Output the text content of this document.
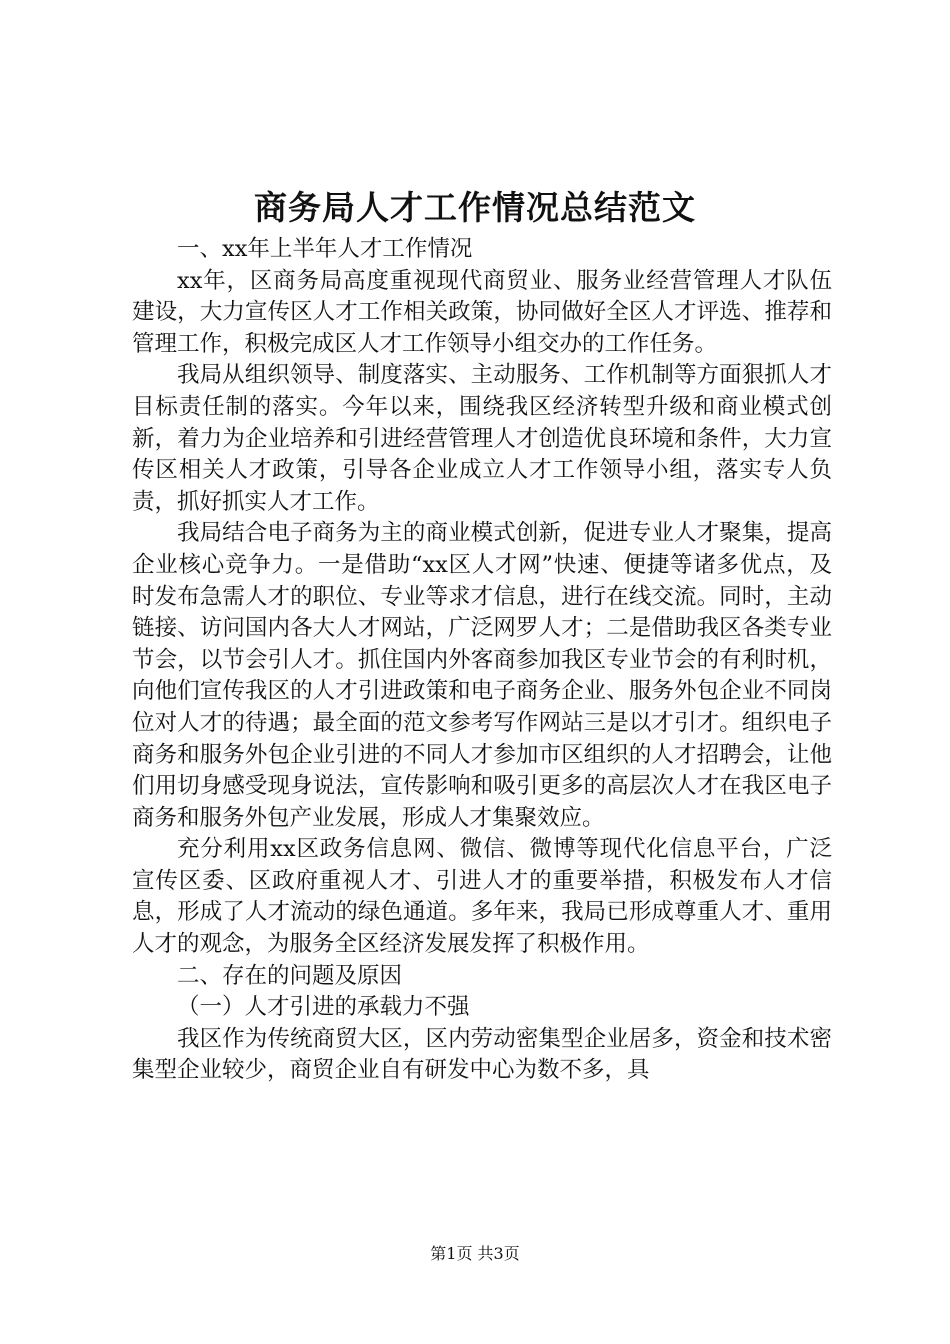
商务局人才工作情况总结范文

一、xx年上半年人才工作情况

xx年，区商务局高度重视现代商贸业、服务业经营管理人才队伍建设，大力宣传区人才工作相关政策，协同做好全区人才评选、推荐和管理工作，积极完成区人才工作领导小组交办的工作任务。

我局从组织领导、制度落实、主动服务、工作机制等方面狠抓人才目标责任制的落实。今年以来，围绕我区经济转型升级和商业模式创新，着力为企业培养和引进经营管理人才创造优良环境和条件，大力宣传区相关人才政策，引导各企业成立人才工作领导小组，落实专人负责，抓好抓实人才工作。

我局结合电子商务为主的商业模式创新，促进专业人才聚集，提高企业核心竞争力。一是借助“xx区人才网”快速、便捷等诸多优点，及时发布急需人才的职位、专业等求才信息，进行在线交流。同时，主动链接、访问国内各大人才网站，广泛网罗人才；二是借助我区各类专业节会，以节会引人才。抓住国内外客商参加我区专业节会的有利时机，向他们宣传我区的人才引进政策和电子商务企业、服务外包企业不同岗位对人才的待遇；最全面的范文参考写作网站三是以才引才。组织电子商务和服务外包企业引进的不同人才参加市区组织的人才招聘会，让他们用切身感受现身说法，宣传影响和吸引更多的高层次人才在我区电子商务和服务外包产业发展，形成人才集聚效应。

充分利用xx区政务信息网、微信、微博等现代化信息平台，广泛宣传区委、区政府重视人才、引进人才的重要举措，积极发布人才信息，形成了人才流动的绿色通道。多年来，我局已形成尊重人才、重用人才的观念，为服务全区经济发展发挥了积极作用。

二、存在的问题及原因

（一）人才引进的承载力不强

我区作为传统商贸大区，区内劳动密集型企业居多，资金和技术密集型企业较少，商贸企业自有研发中心为数不多，具

第1页 共3页
